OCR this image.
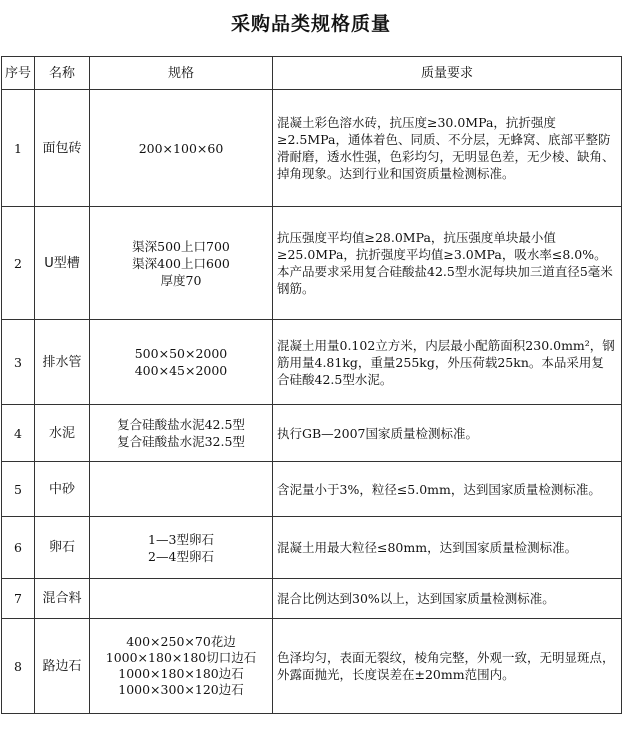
采购品类规格质量
序号	名称	规格	质量要求
1	面包砖	200×100×60	混凝土彩色溶水砖，抗压度≥30.0MPa，抗折强度≥2.5MPa，通体着色、同质、不分层，无蜂窝、底部平整防滑耐磨，透水性强，色彩均匀，无明显色差，无少棱、缺角、掉角现象。达到行业和国资质量检测标准。
2	U型槽	渠深500上口700
渠深400上口600
厚度70	抗压强度平均值≥28.0MPa，抗压强度单块最小值≥25.0MPa，抗折强度平均值≥3.0MPa，吸水率≤8.0%。本产品要求采用复合硅酸盐42.5型水泥每块加三道直径5毫米钢筋。
3	排水管	500×50×2000
400×45×2000	混凝土用量0.102立方米，内层最小配筋面积230.0mm²，钢筋用量4.81kg，重量255kg，外压荷载25kn。本品采用复合硅酸42.5型水泥。
4	水泥	复合硅酸盐水泥42.5型
复合硅酸盐水泥32.5型	执行GB—2007国家质量检测标准。
5	中砂		含泥量小于3%，粒径≤5.0mm，达到国家质量检测标准。
6	卵石	1—3型卵石
2—4型卵石	混凝土用最大粒径≤80mm，达到国家质量检测标准。
7	混合料		混合比例达到30%以上，达到国家质量检测标准。
8	路边石	400×250×70花边
1000×180×180切口边石
1000×180×180边石
1000×300×120边石	色泽均匀，表面无裂纹，棱角完整，外观一致，无明显斑点，外露面抛光，长度误差在±20mm范围内。
